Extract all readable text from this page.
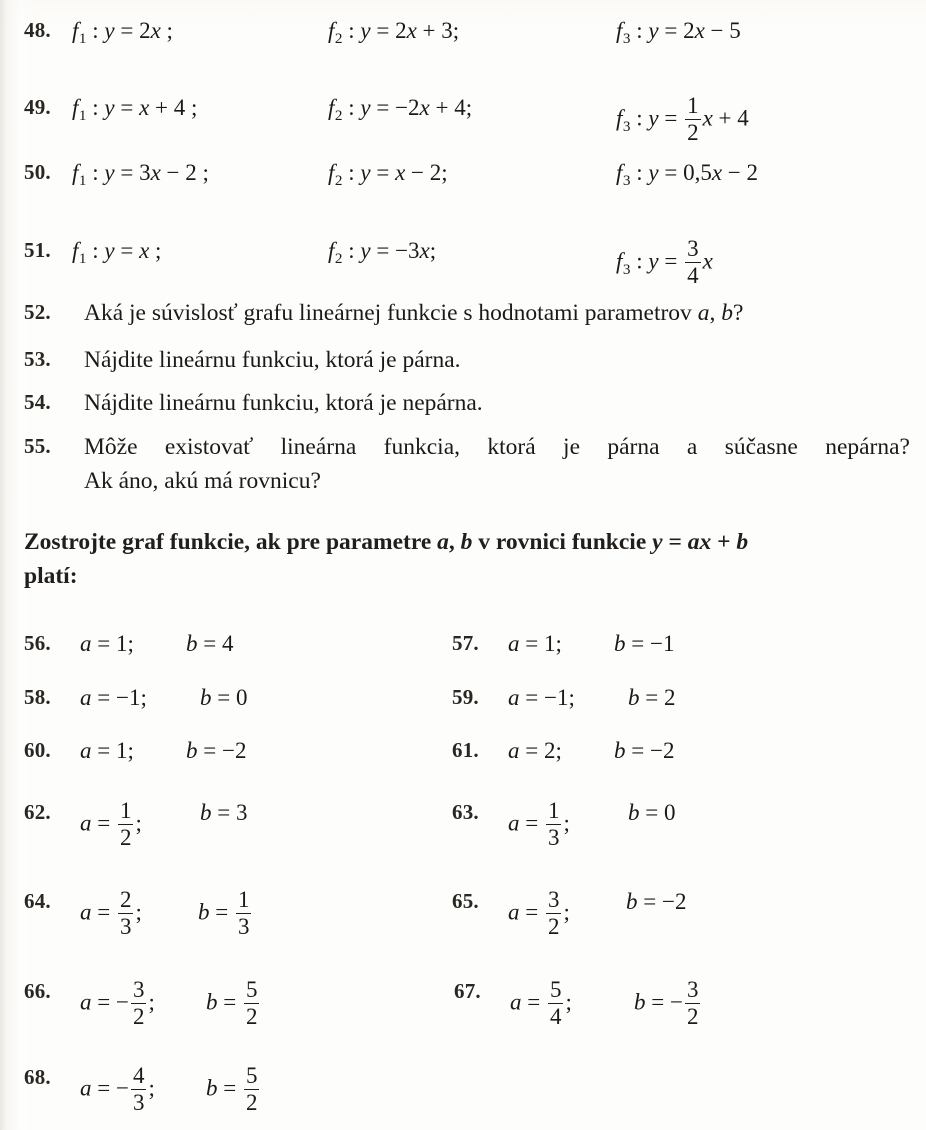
48. $f_1$ : y = 2x ;	$f_2$ : y = 2x + 3;	$f_3$ : y = 2x − 5
49. $f_1$ : y = x + 4 ;	$f_2$ : y = −2x + 4;	$f_3$ : $y = \frac{1}{2}$ x + 4
50. $f_1$ : y = 3x − 2 ;	$f_2$ : y = x − 2;	$f_3$ : y = 0,5x − 2
51. $f_1$ : y = x ;	$f_2$ : y = −3x;	$f_3$ : $y = \frac{3}{4}$ x
52. Aká je súvislosť grafu lineárnej funkcie s hodnotami parametrov a, b?
53. Nájdite lineárnu funkciu, ktorá je párna.
54. Nájdite lineárnu funkciu, ktorá je nepárna.
55. Môže existovať lineárna funkcia, ktorá je párna a súčasne nepárna?
Ak áno, akú má rovnicu?
Zostrojte graf funkcie, ak pre parametre a, b v rovnici funkcie y = ax + b
platí:
56. a = 1; b = 4	57. a = 1; b = −1
58. a = −1; b = 0	59. a = −1; b = 2
60. a = 1; b = −2	61. a = 2; b = −2
62. $a = \frac{1}{2}$ ;	b = 3	63. $a = \frac{1}{3}$ ;	b = 0
64. $a = \frac{2}{3}$ ; $b = \frac{1}{3}$	65. $a = \frac{3}{2}$ ; b = −2
66. a = − $\frac{3}{2}$ ; $b = \frac{5}{2}$	67. $a = \frac{5}{4}$ ;	b = − $\frac{3}{2}$
68. a = − $\frac{4}{3}$ ; $b = \frac{5}{2}$
